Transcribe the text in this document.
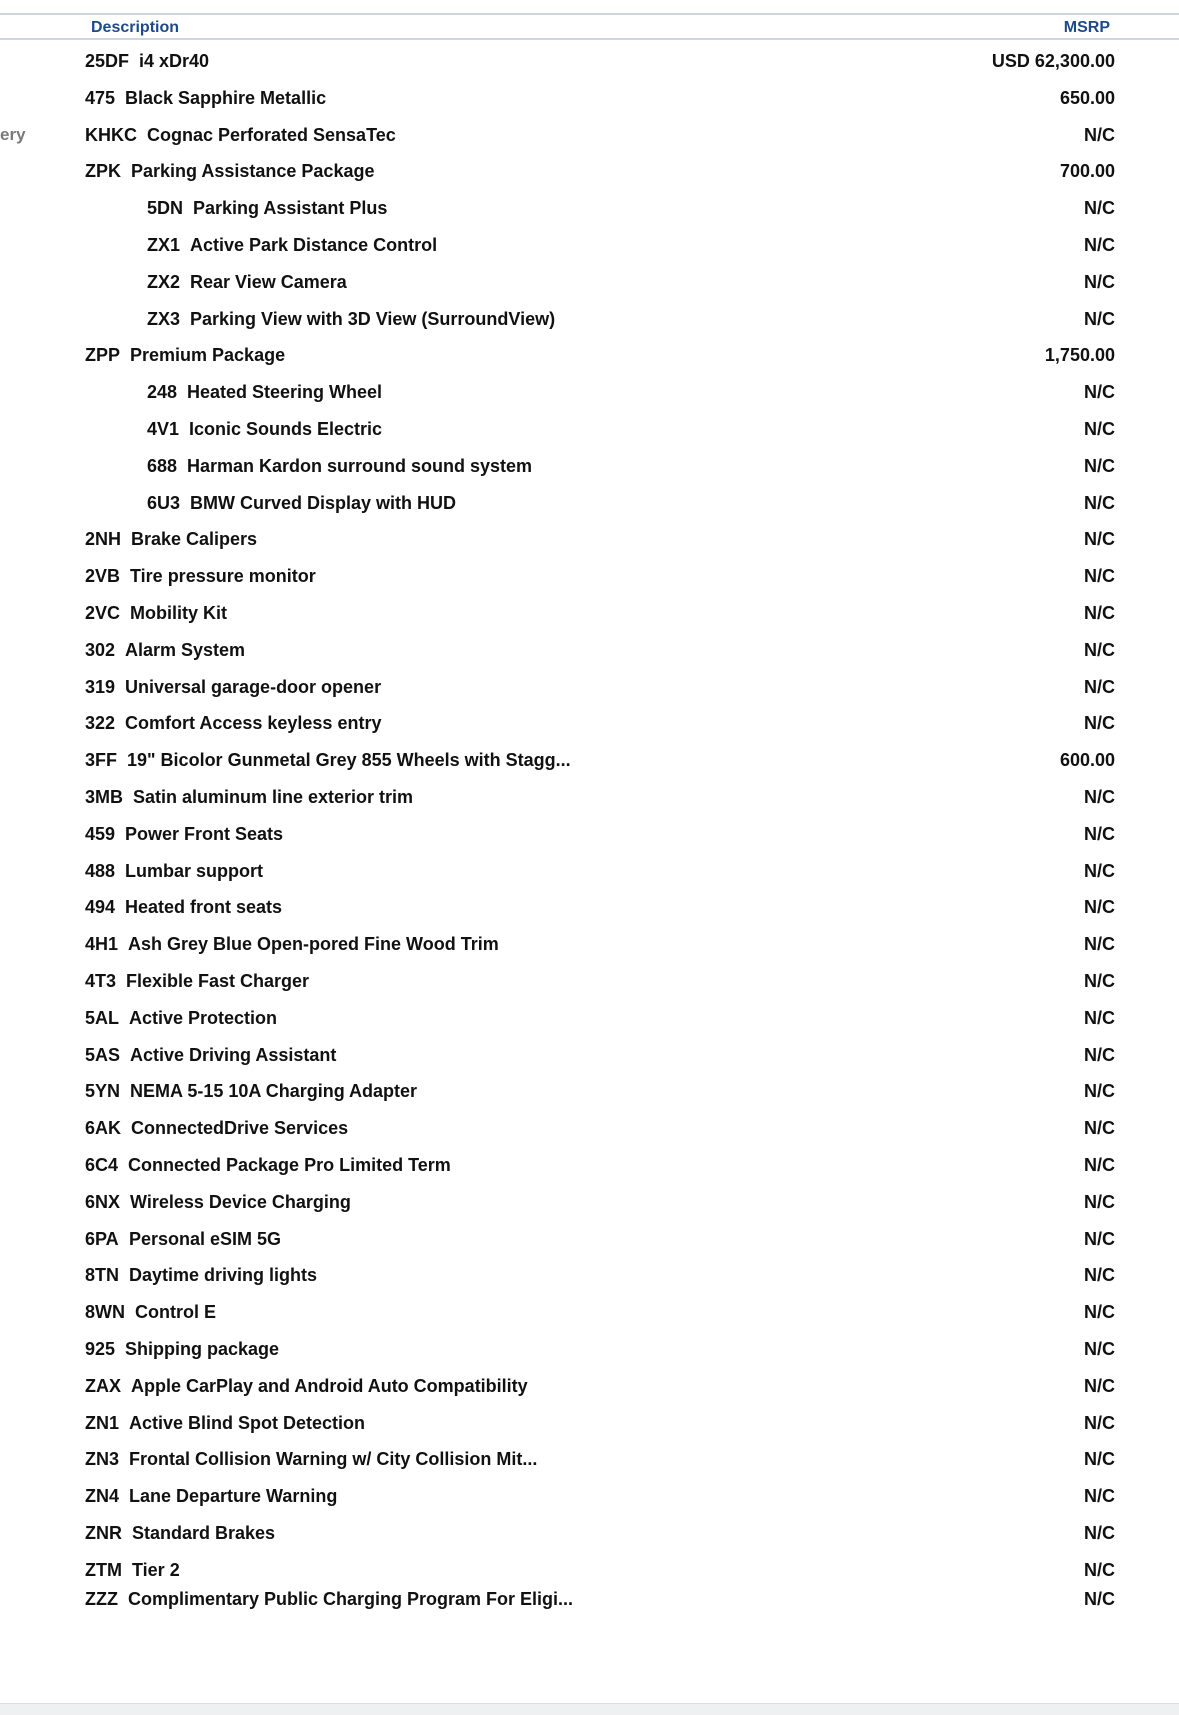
Description	MSRP
ery
25DF i4 xDr40	USD 62,300.00
475 Black Sapphire Metallic	650.00
KHKC Cognac Perforated SensaTec	N/C
ZPK Parking Assistance Package	700.00
5DN Parking Assistant Plus	N/C
ZX1 Active Park Distance Control	N/C
ZX2 Rear View Camera	N/C
ZX3 Parking View with 3D View (SurroundView)	N/C
ZPP Premium Package	1,750.00
248 Heated Steering Wheel	N/C
4V1 Iconic Sounds Electric	N/C
688 Harman Kardon surround sound system	N/C
6U3 BMW Curved Display with HUD	N/C
2NH Brake Calipers	N/C
2VB Tire pressure monitor	N/C
2VC Mobility Kit	N/C
302 Alarm System	N/C
319 Universal garage-door opener	N/C
322 Comfort Access keyless entry	N/C
3FF 19" Bicolor Gunmetal Grey 855 Wheels with Stagg...	600.00
3MB Satin aluminum line exterior trim	N/C
459 Power Front Seats	N/C
488 Lumbar support	N/C
494 Heated front seats	N/C
4H1 Ash Grey Blue Open-pored Fine Wood Trim	N/C
4T3 Flexible Fast Charger	N/C
5AL Active Protection	N/C
5AS Active Driving Assistant	N/C
5YN NEMA 5-15 10A Charging Adapter	N/C
6AK ConnectedDrive Services	N/C
6C4 Connected Package Pro Limited Term	N/C
6NX Wireless Device Charging	N/C
6PA Personal eSIM 5G	N/C
8TN Daytime driving lights	N/C
8WN Control E	N/C
925 Shipping package	N/C
ZAX Apple CarPlay and Android Auto Compatibility	N/C
ZN1 Active Blind Spot Detection	N/C
ZN3 Frontal Collision Warning w/ City Collision Mit...	N/C
ZN4 Lane Departure Warning	N/C
ZNR Standard Brakes	N/C
ZTM Tier 2	N/C
ZZZ Complimentary Public Charging Program For Eligi...	N/C
